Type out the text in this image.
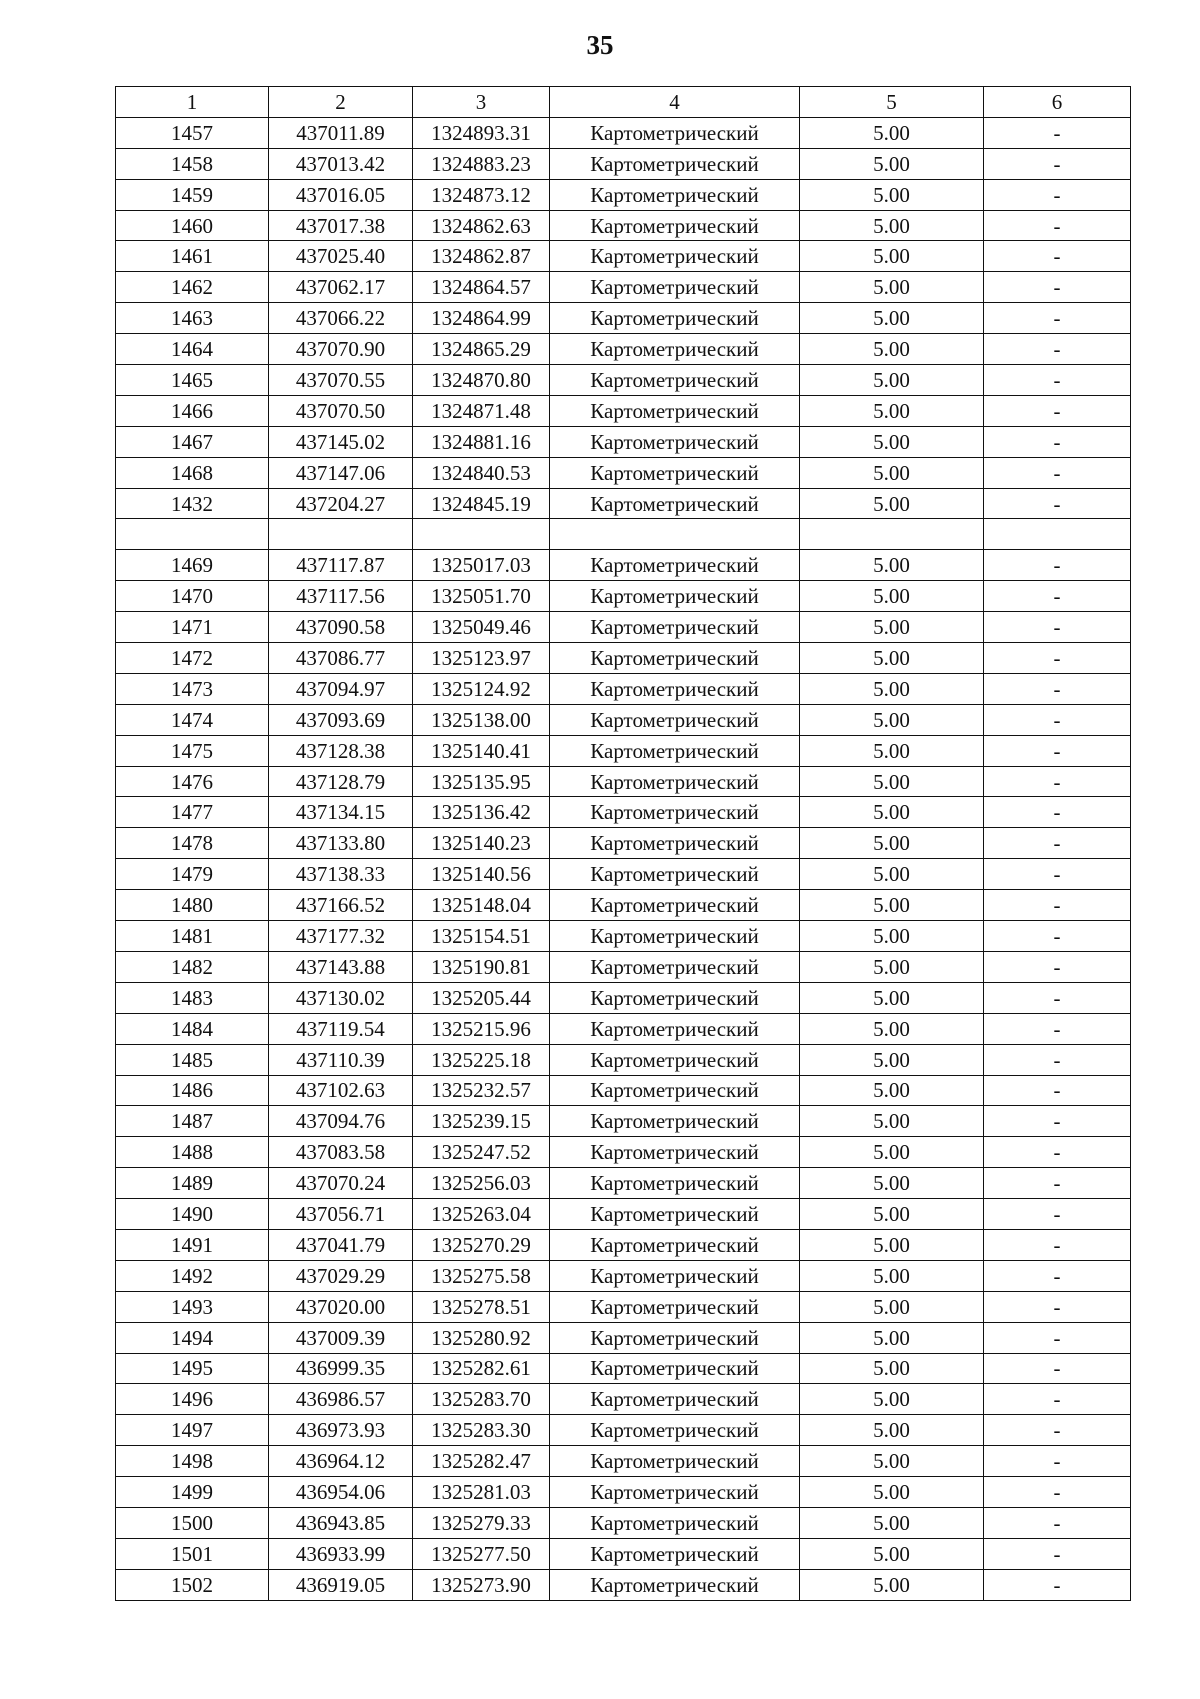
35
1	2	3	4	5	6
1457	437011.89	1324893.31	Картометрический	5.00	-
1458	437013.42	1324883.23	Картометрический	5.00	-
1459	437016.05	1324873.12	Картометрический	5.00	-
1460	437017.38	1324862.63	Картометрический	5.00	-
1461	437025.40	1324862.87	Картометрический	5.00	-
1462	437062.17	1324864.57	Картометрический	5.00	-
1463	437066.22	1324864.99	Картометрический	5.00	-
1464	437070.90	1324865.29	Картометрический	5.00	-
1465	437070.55	1324870.80	Картометрический	5.00	-
1466	437070.50	1324871.48	Картометрический	5.00	-
1467	437145.02	1324881.16	Картометрический	5.00	-
1468	437147.06	1324840.53	Картометрический	5.00	-
1432	437204.27	1324845.19	Картометрический	5.00	-

1469	437117.87	1325017.03	Картометрический	5.00	-
1470	437117.56	1325051.70	Картометрический	5.00	-
1471	437090.58	1325049.46	Картометрический	5.00	-
1472	437086.77	1325123.97	Картометрический	5.00	-
1473	437094.97	1325124.92	Картометрический	5.00	-
1474	437093.69	1325138.00	Картометрический	5.00	-
1475	437128.38	1325140.41	Картометрический	5.00	-
1476	437128.79	1325135.95	Картометрический	5.00	-
1477	437134.15	1325136.42	Картометрический	5.00	-
1478	437133.80	1325140.23	Картометрический	5.00	-
1479	437138.33	1325140.56	Картометрический	5.00	-
1480	437166.52	1325148.04	Картометрический	5.00	-
1481	437177.32	1325154.51	Картометрический	5.00	-
1482	437143.88	1325190.81	Картометрический	5.00	-
1483	437130.02	1325205.44	Картометрический	5.00	-
1484	437119.54	1325215.96	Картометрический	5.00	-
1485	437110.39	1325225.18	Картометрический	5.00	-
1486	437102.63	1325232.57	Картометрический	5.00	-
1487	437094.76	1325239.15	Картометрический	5.00	-
1488	437083.58	1325247.52	Картометрический	5.00	-
1489	437070.24	1325256.03	Картометрический	5.00	-
1490	437056.71	1325263.04	Картометрический	5.00	-
1491	437041.79	1325270.29	Картометрический	5.00	-
1492	437029.29	1325275.58	Картометрический	5.00	-
1493	437020.00	1325278.51	Картометрический	5.00	-
1494	437009.39	1325280.92	Картометрический	5.00	-
1495	436999.35	1325282.61	Картометрический	5.00	-
1496	436986.57	1325283.70	Картометрический	5.00	-
1497	436973.93	1325283.30	Картометрический	5.00	-
1498	436964.12	1325282.47	Картометрический	5.00	-
1499	436954.06	1325281.03	Картометрический	5.00	-
1500	436943.85	1325279.33	Картометрический	5.00	-
1501	436933.99	1325277.50	Картометрический	5.00	-
1502	436919.05	1325273.90	Картометрический	5.00	-
